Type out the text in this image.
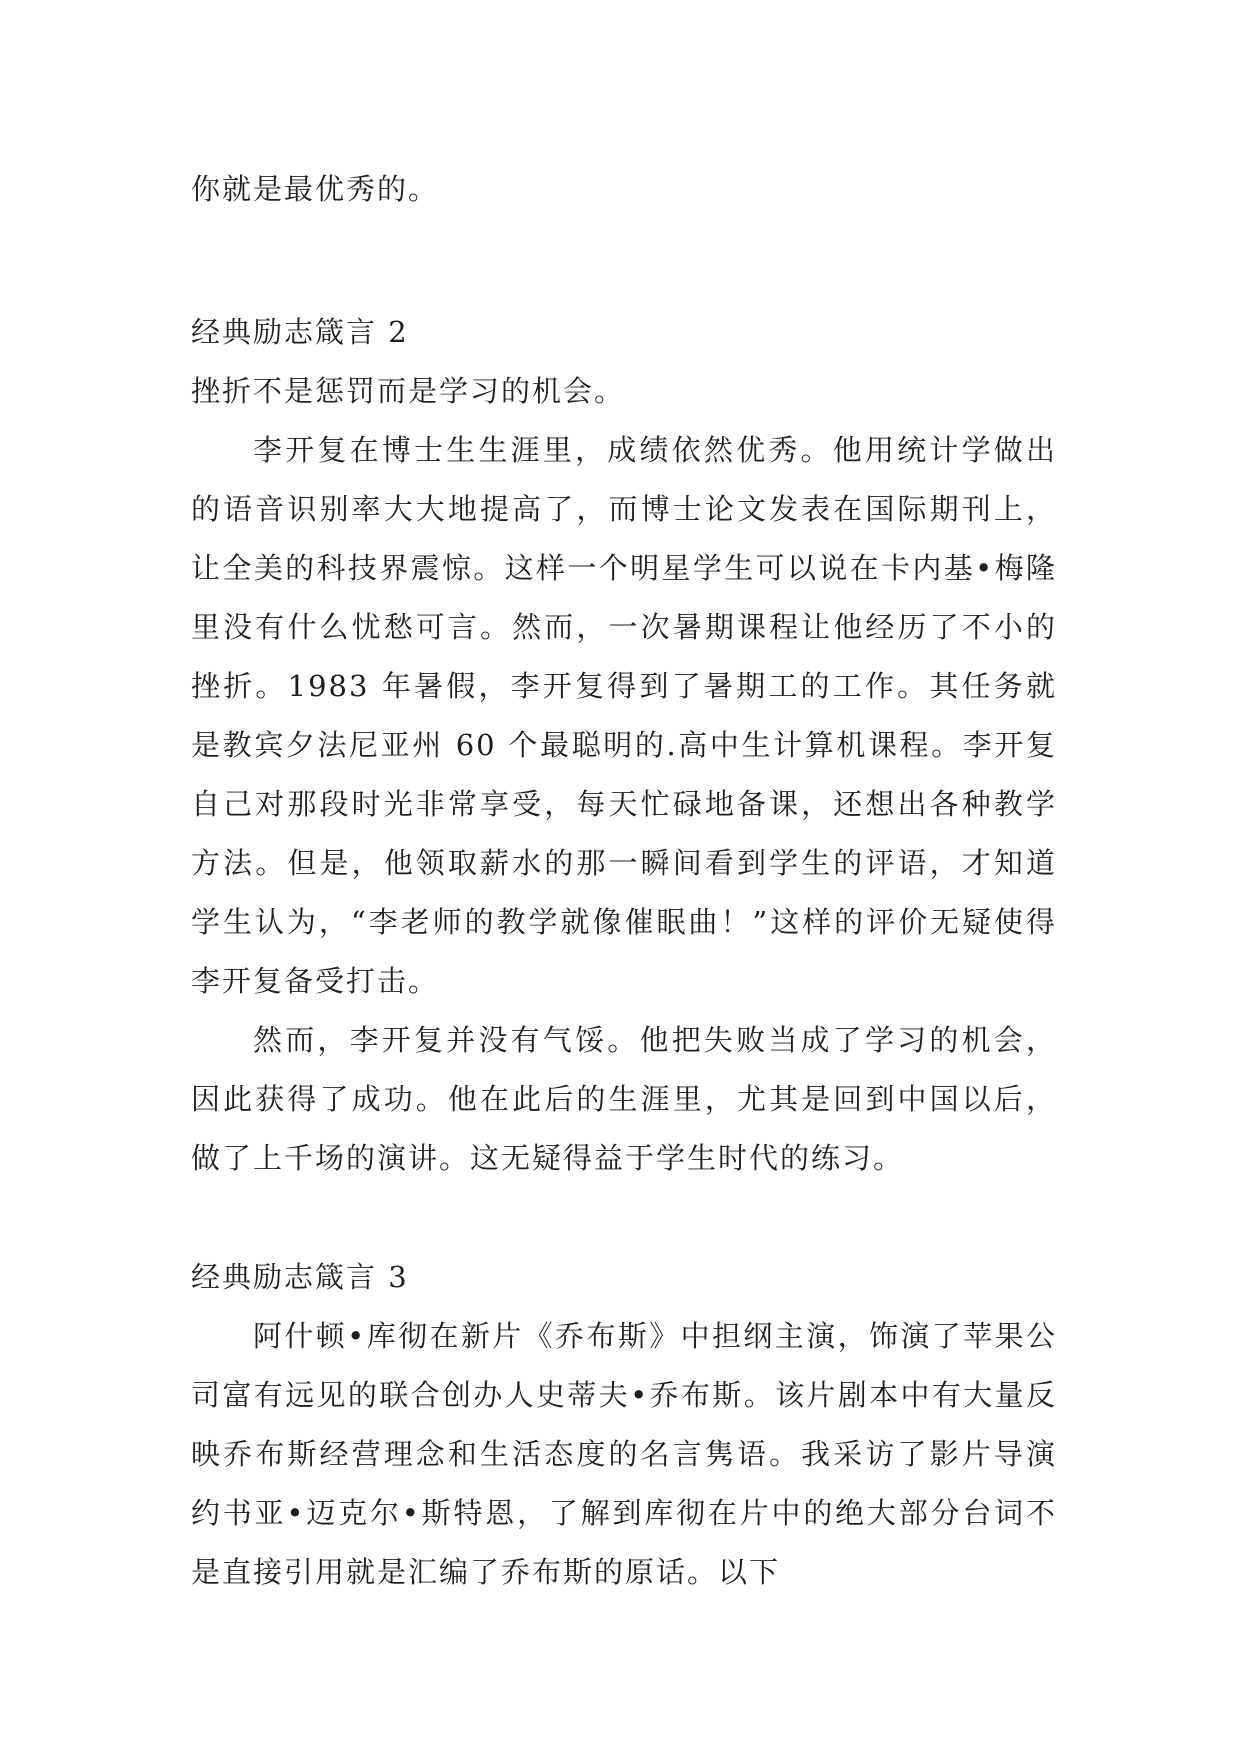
你就是最优秀的。

经典励志箴言 2

挫折不是惩罚而是学习的机会。

李开复在博士生生涯里，成绩依然优秀。他用统计学做出的语音识别率大大地提高了，而博士论文发表在国际期刊上，让全美的科技界震惊。这样一个明星学生可以说在卡内基•梅隆里没有什么忧愁可言。然而，一次暑期课程让他经历了不小的挫折。1983 年暑假，李开复得到了暑期工的工作。其任务就是教宾夕法尼亚州 60 个最聪明的.高中生计算机课程。李开复自己对那段时光非常享受，每天忙碌地备课，还想出各种教学方法。但是，他领取薪水的那一瞬间看到学生的评语，才知道学生认为，“李老师的教学就像催眠曲！”这样的评价无疑使得李开复备受打击。

然而，李开复并没有气馁。他把失败当成了学习的机会，因此获得了成功。他在此后的生涯里，尤其是回到中国以后，做了上千场的演讲。这无疑得益于学生时代的练习。

经典励志箴言 3

阿什顿•库彻在新片《乔布斯》中担纲主演，饰演了苹果公司富有远见的联合创办人史蒂夫•乔布斯。该片剧本中有大量反映乔布斯经营理念和生活态度的名言隽语。我采访了影片导演约书亚•迈克尔•斯特恩，了解到库彻在片中的绝大部分台词不是直接引用就是汇编了乔布斯的原话。以下
